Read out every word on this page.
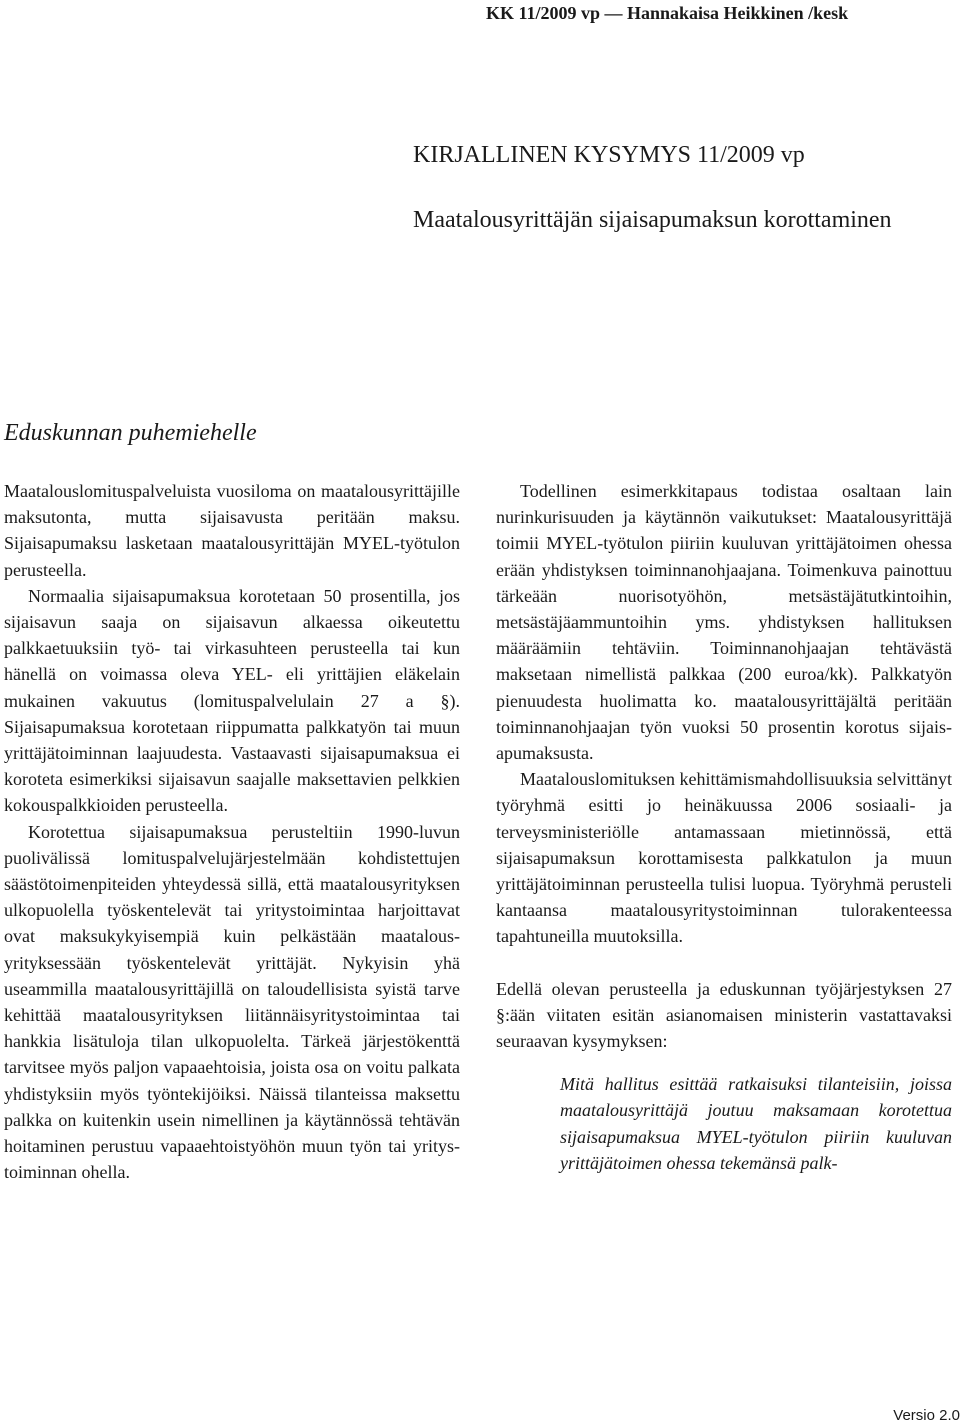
KK 11/2009 vp — Hannakaisa Heikkinen /kesk
KIRJALLINEN KYSYMYS 11/2009 vp
Maatalousyrittäjän sijaisapumaksun korottaminen
Eduskunnan puhemiehelle

Maatalouslomituspalveluista vuosiloma on maatalousyrittäjille maksutonta, mutta sijaisavusta peritään maksu. Sijaisapumaksu lasketaan maatalousyrittäjän MYEL-työtulon perusteella.

Normaalia sijaisapumaksua korotetaan 50 prosentilla, jos sijaisavun saaja on sijaisavun alkaessa oikeutettu palkkaetuuksiin työ- tai virkasuhteen perusteella tai kun hänellä on voimassa oleva YEL- eli yrittäjien eläkelain mukainen vakuutus (lomituspalvelulain 27 a §). Sijaisapumaksua korotetaan riippumatta palkkatyön tai muun yrittäjätoiminnan laajuudesta. Vastaavasti sijaisapumaksua ei koroteta esimerkiksi sijaisavun saajalle maksettavien pelkkien kokouspalkkioiden perusteella.

Korotettua sijaisapumaksua perusteltiin 1990-luvun puolivälissä lomituspalvelujärjestelmään kohdistettujen säästötoimenpiteiden yhteydessä sillä, että maatalousyrityksen ulkopuolella työskentelevät tai yritystoimintaa harjoittavat ovat maksukykyisempiä kuin pelkästään maatalousyrityksessään työskentelevät yrittäjät. Nykyisin yhä useammilla maatalousyrittäjillä on taloudellisista syistä tarve kehittää maatalousyrityksen liitännäisyritystoimintaa tai hankkia lisätuloja tilan ulkopuolelta. Tärkeä järjestökenttä tarvitsee myös paljon vapaaehtoisia, joista osa on voitu palkata yhdistyksiin myös työntekijöiksi. Näissä tilanteissa maksettu palkka on kuitenkin usein nimellinen ja käytännössä tehtävän hoitaminen perustuu vapaaehtoistyöhön muun työn tai yritystoiminnan ohella.

Todellinen esimerkkitapaus todistaa osaltaan lain nurinkurisuuden ja käytännön vaikutukset: Maatalousyrittäjä toimii MYEL-työtulon piiriin kuuluvan yrittäjätoimen ohessa erään yhdistyksen toiminnanohjaajana. Toimenkuva painottuu tärkeään nuorisotyöhön, metsästäjätutkintoihin, metsästäjäammuntoihin yms. yhdistyksen hallituksen määräämiin tehtäviin. Toiminnanohjaajan tehtävästä maksetaan nimellistä palkkaa (200 euroa/kk). Palkkatyön pienuudesta huolimatta ko. maatalousyrittäjältä peritään toiminnanohjaajan työn vuoksi 50 prosentin korotus sijaisapumaksusta.

Maatalouslomituksen kehittämismahdollisuuksia selvittänyt työryhmä esitti jo heinäkuussa 2006 sosiaali- ja terveysministeriölle antamassaan mietinnössä, että sijaisapumaksun korottamisesta palkkatulon ja muun yrittäjätoiminnan perusteella tulisi luopua. Työryhmä perusteli kantaansa maatalousyritystoiminnan tulorakenteessa tapahtuneilla muutoksilla.

Edellä olevan perusteella ja eduskunnan työjärjestyksen 27 §:ään viitaten esitän asianomaisen ministerin vastattavaksi seuraavan kysymyksen:

Mitä hallitus esittää ratkaisuksi tilanteisiin, joissa maatalousyrittäjä joutuu maksamaan korotettua sijaisapumaksua MYEL-työtulon piiriin kuuluvan yrittäjätoimen ohessa tekemänsä palk-

Versio 2.0
